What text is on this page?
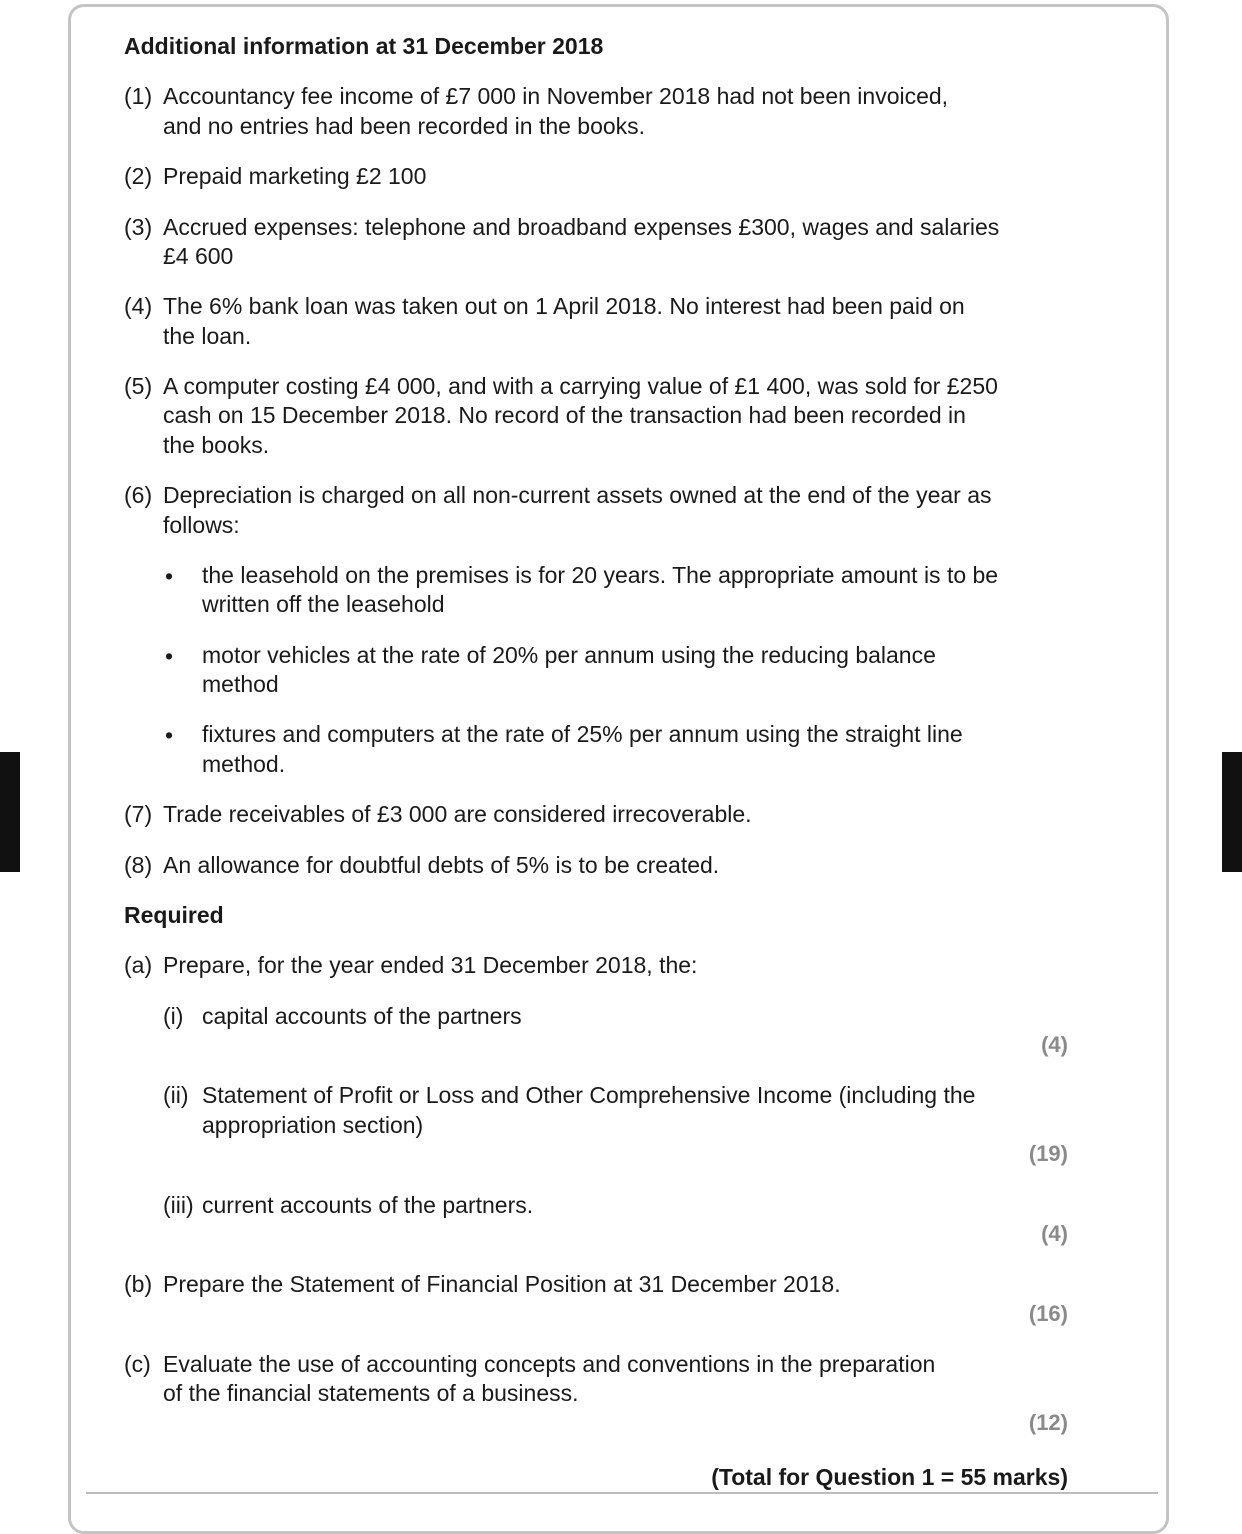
Additional information at 31 December 2018
(1) Accountancy fee income of £7 000 in November 2018 had not been invoiced,
and no entries had been recorded in the books.
(2) Prepaid marketing £2 100
(3) Accrued expenses: telephone and broadband expenses £300, wages and salaries
£4 600
(4) The 6% bank loan was taken out on 1 April 2018. No interest had been paid on
the loan.
(5) A computer costing £4 000, and with a carrying value of £1 400, was sold for £250
cash on 15 December 2018. No record of the transaction had been recorded in
the books.
(6) Depreciation is charged on all non-current assets owned at the end of the year as
follows:
• the leasehold on the premises is for 20 years. The appropriate amount is to be
written off the leasehold
• motor vehicles at the rate of 20% per annum using the reducing balance
method
• fixtures and computers at the rate of 25% per annum using the straight line
method.
(7) Trade receivables of £3 000 are considered irrecoverable.
(8) An allowance for doubtful debts of 5% is to be created.
Required
(a) Prepare, for the year ended 31 December 2018, the:
(i) capital accounts of the partners
(4)
(ii) Statement of Profit or Loss and Other Comprehensive Income (including the
appropriation section)
(19)
(iii) current accounts of the partners.
(4)
(b) Prepare the Statement of Financial Position at 31 December 2018.
(16)
(c) Evaluate the use of accounting concepts and conventions in the preparation
of the financial statements of a business.
(12)
(Total for Question 1 = 55 marks)
